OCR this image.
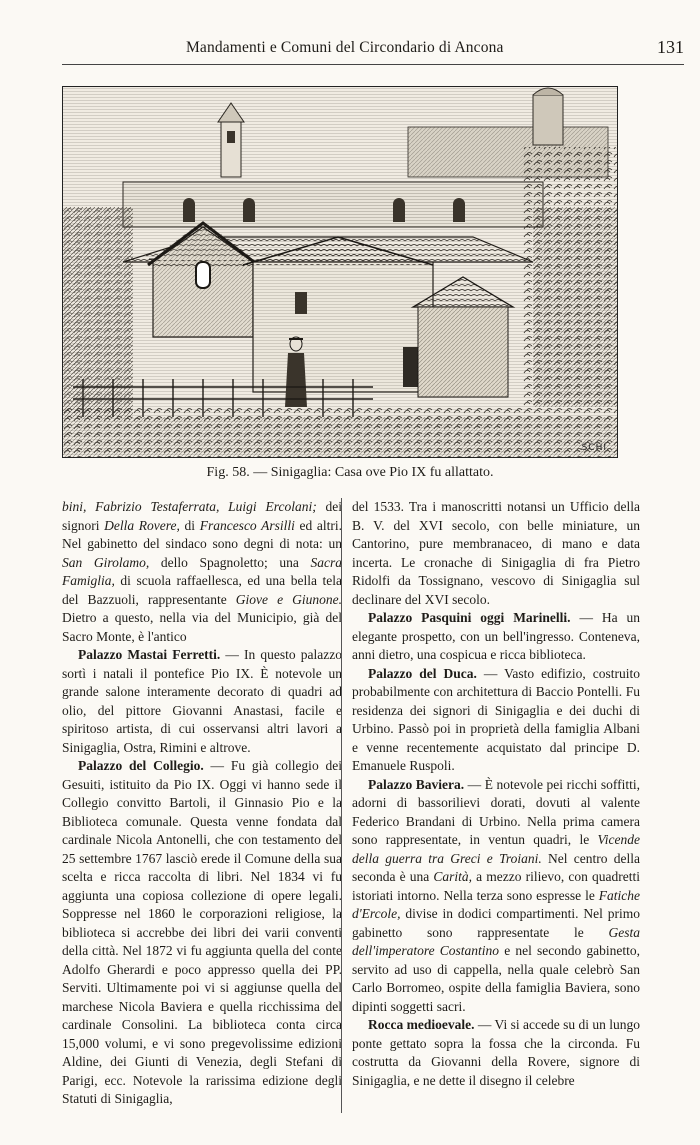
Mandamenti e Comuni del Circondario di Ancona	131
SCHI
Fig. 58. — Sinigaglia: Casa ove Pio IX fu allattato.

bini, Fabrizio Testaferrata, Luigi Ercolani; dei signori Della Rovere, di Francesco Arsilli ed altri. Nel gabinetto del sindaco sono degni di nota: un San Girolamo, dello Spagnoletto; una Sacra Famiglia, di scuola raffaellesca, ed una bella tela del Bazzuoli, rappresentante Giove e Giunone. Dietro a questo, nella via del Municipio, già del Sacro Monte, è l'antico

Palazzo Mastai Ferretti. — In questo palazzo sortì i natali il pontefice Pio IX. È notevole un grande salone interamente decorato di quadri ad olio, del pittore Giovanni Anastasi, facile e spiritoso artista, di cui osservansi altri lavori a Sinigaglia, Ostra, Rimini e altrove.

Palazzo del Collegio. — Fu già collegio dei Gesuiti, istituito da Pio IX. Oggi vi hanno sede il Collegio convitto Bartoli, il Ginnasio Pio e la Biblioteca comunale. Questa venne fondata dal cardinale Nicola Antonelli, che con testamento del 25 settembre 1767 lasciò erede il Comune della sua scelta e ricca raccolta di libri. Nel 1834 vi fu aggiunta una copiosa collezione di opere legali. Soppresse nel 1860 le corporazioni religiose, la biblioteca si accrebbe dei libri dei varii conventi della città. Nel 1872 vi fu aggiunta quella del conte Adolfo Gherardi e poco appresso quella dei PP. Serviti. Ultimamente poi vi si aggiunse quella del marchese Nicola Baviera e quella ricchissima del cardinale Consolini. La biblioteca conta circa 15,000 volumi, e vi sono pregevolissime edizioni Aldine, dei Giunti di Venezia, degli Stefani di Parigi, ecc. Notevole la rarissima edizione degli Statuti di Sinigaglia,

del 1533. Tra i manoscritti notansi un Ufficio della B. V. del XVI secolo, con belle miniature, un Cantorino, pure membranaceo, di mano e data incerta. Le cronache di Sinigaglia di fra Pietro Ridolfi da Tossignano, vescovo di Sinigaglia sul declinare del XVI secolo.

Palazzo Pasquini oggi Marinelli. — Ha un elegante prospetto, con un bell'ingresso. Conteneva, anni dietro, una cospicua e ricca biblioteca.

Palazzo del Duca. — Vasto edifizio, costruito probabilmente con architettura di Baccio Pontelli. Fu residenza dei signori di Sinigaglia e dei duchi di Urbino. Passò poi in proprietà della famiglia Albani e venne recentemente acquistato dal principe D. Emanuele Ruspoli.

Palazzo Baviera. — È notevole pei ricchi soffitti, adorni di bassorilievi dorati, dovuti al valente Federico Brandani di Urbino. Nella prima camera sono rappresentate, in ventun quadri, le Vicende della guerra tra Greci e Troiani. Nel centro della seconda è una Carità, a mezzo rilievo, con quadretti istoriati intorno. Nella terza sono espresse le Fatiche d'Ercole, divise in dodici compartimenti. Nel primo gabinetto sono rappresentate le Gesta dell'imperatore Costantino e nel secondo gabinetto, servito ad uso di cappella, nella quale celebrò San Carlo Borromeo, ospite della famiglia Baviera, sono dipinti soggetti sacri.

Rocca medioevale. — Vi si accede su di un lungo ponte gettato sopra la fossa che la circonda. Fu costrutta da Giovanni della Rovere, signore di Sinigaglia, e ne dette il disegno il celebre
